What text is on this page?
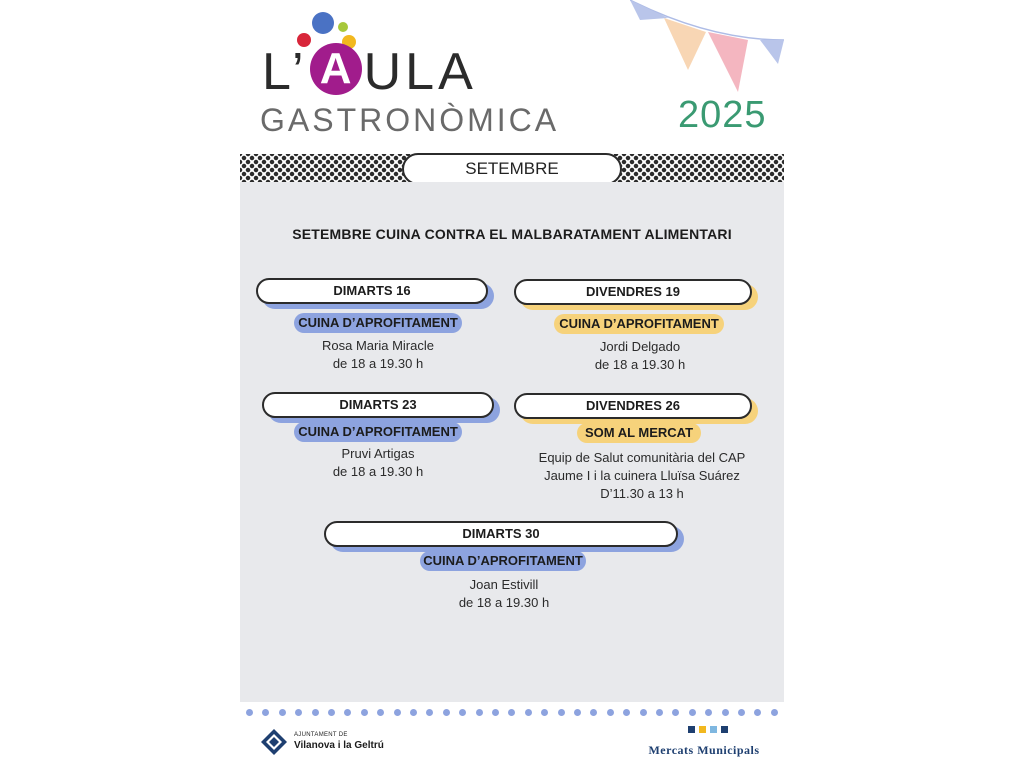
L’ A ULA
GASTRONÒMICA	2025
SETEMBRE
SETEMBRE CUINA CONTRA EL MALBARATAMENT ALIMENTARI
DIMARTS 16
CUINA D’APROFITAMENT
Rosa Maria Miracle
de 18 a 19.30 h
DIVENDRES 19
CUINA D’APROFITAMENT
Jordi Delgado
de 18 a 19.30 h
DIMARTS 23
CUINA D’APROFITAMENT
Pruvi Artigas
de 18 a 19.30 h
DIVENDRES 26
SOM AL MERCAT
Equip de Salut comunitària del CAP
Jaume I i la cuinera Lluïsa Suárez
D’11.30 a 13 h
DIMARTS 30
CUINA D’APROFITAMENT
Joan Estivill
de 18 a 19.30 h
AJUNTAMENT DE
Vilanova i la Geltrú	Mercats Municipals
